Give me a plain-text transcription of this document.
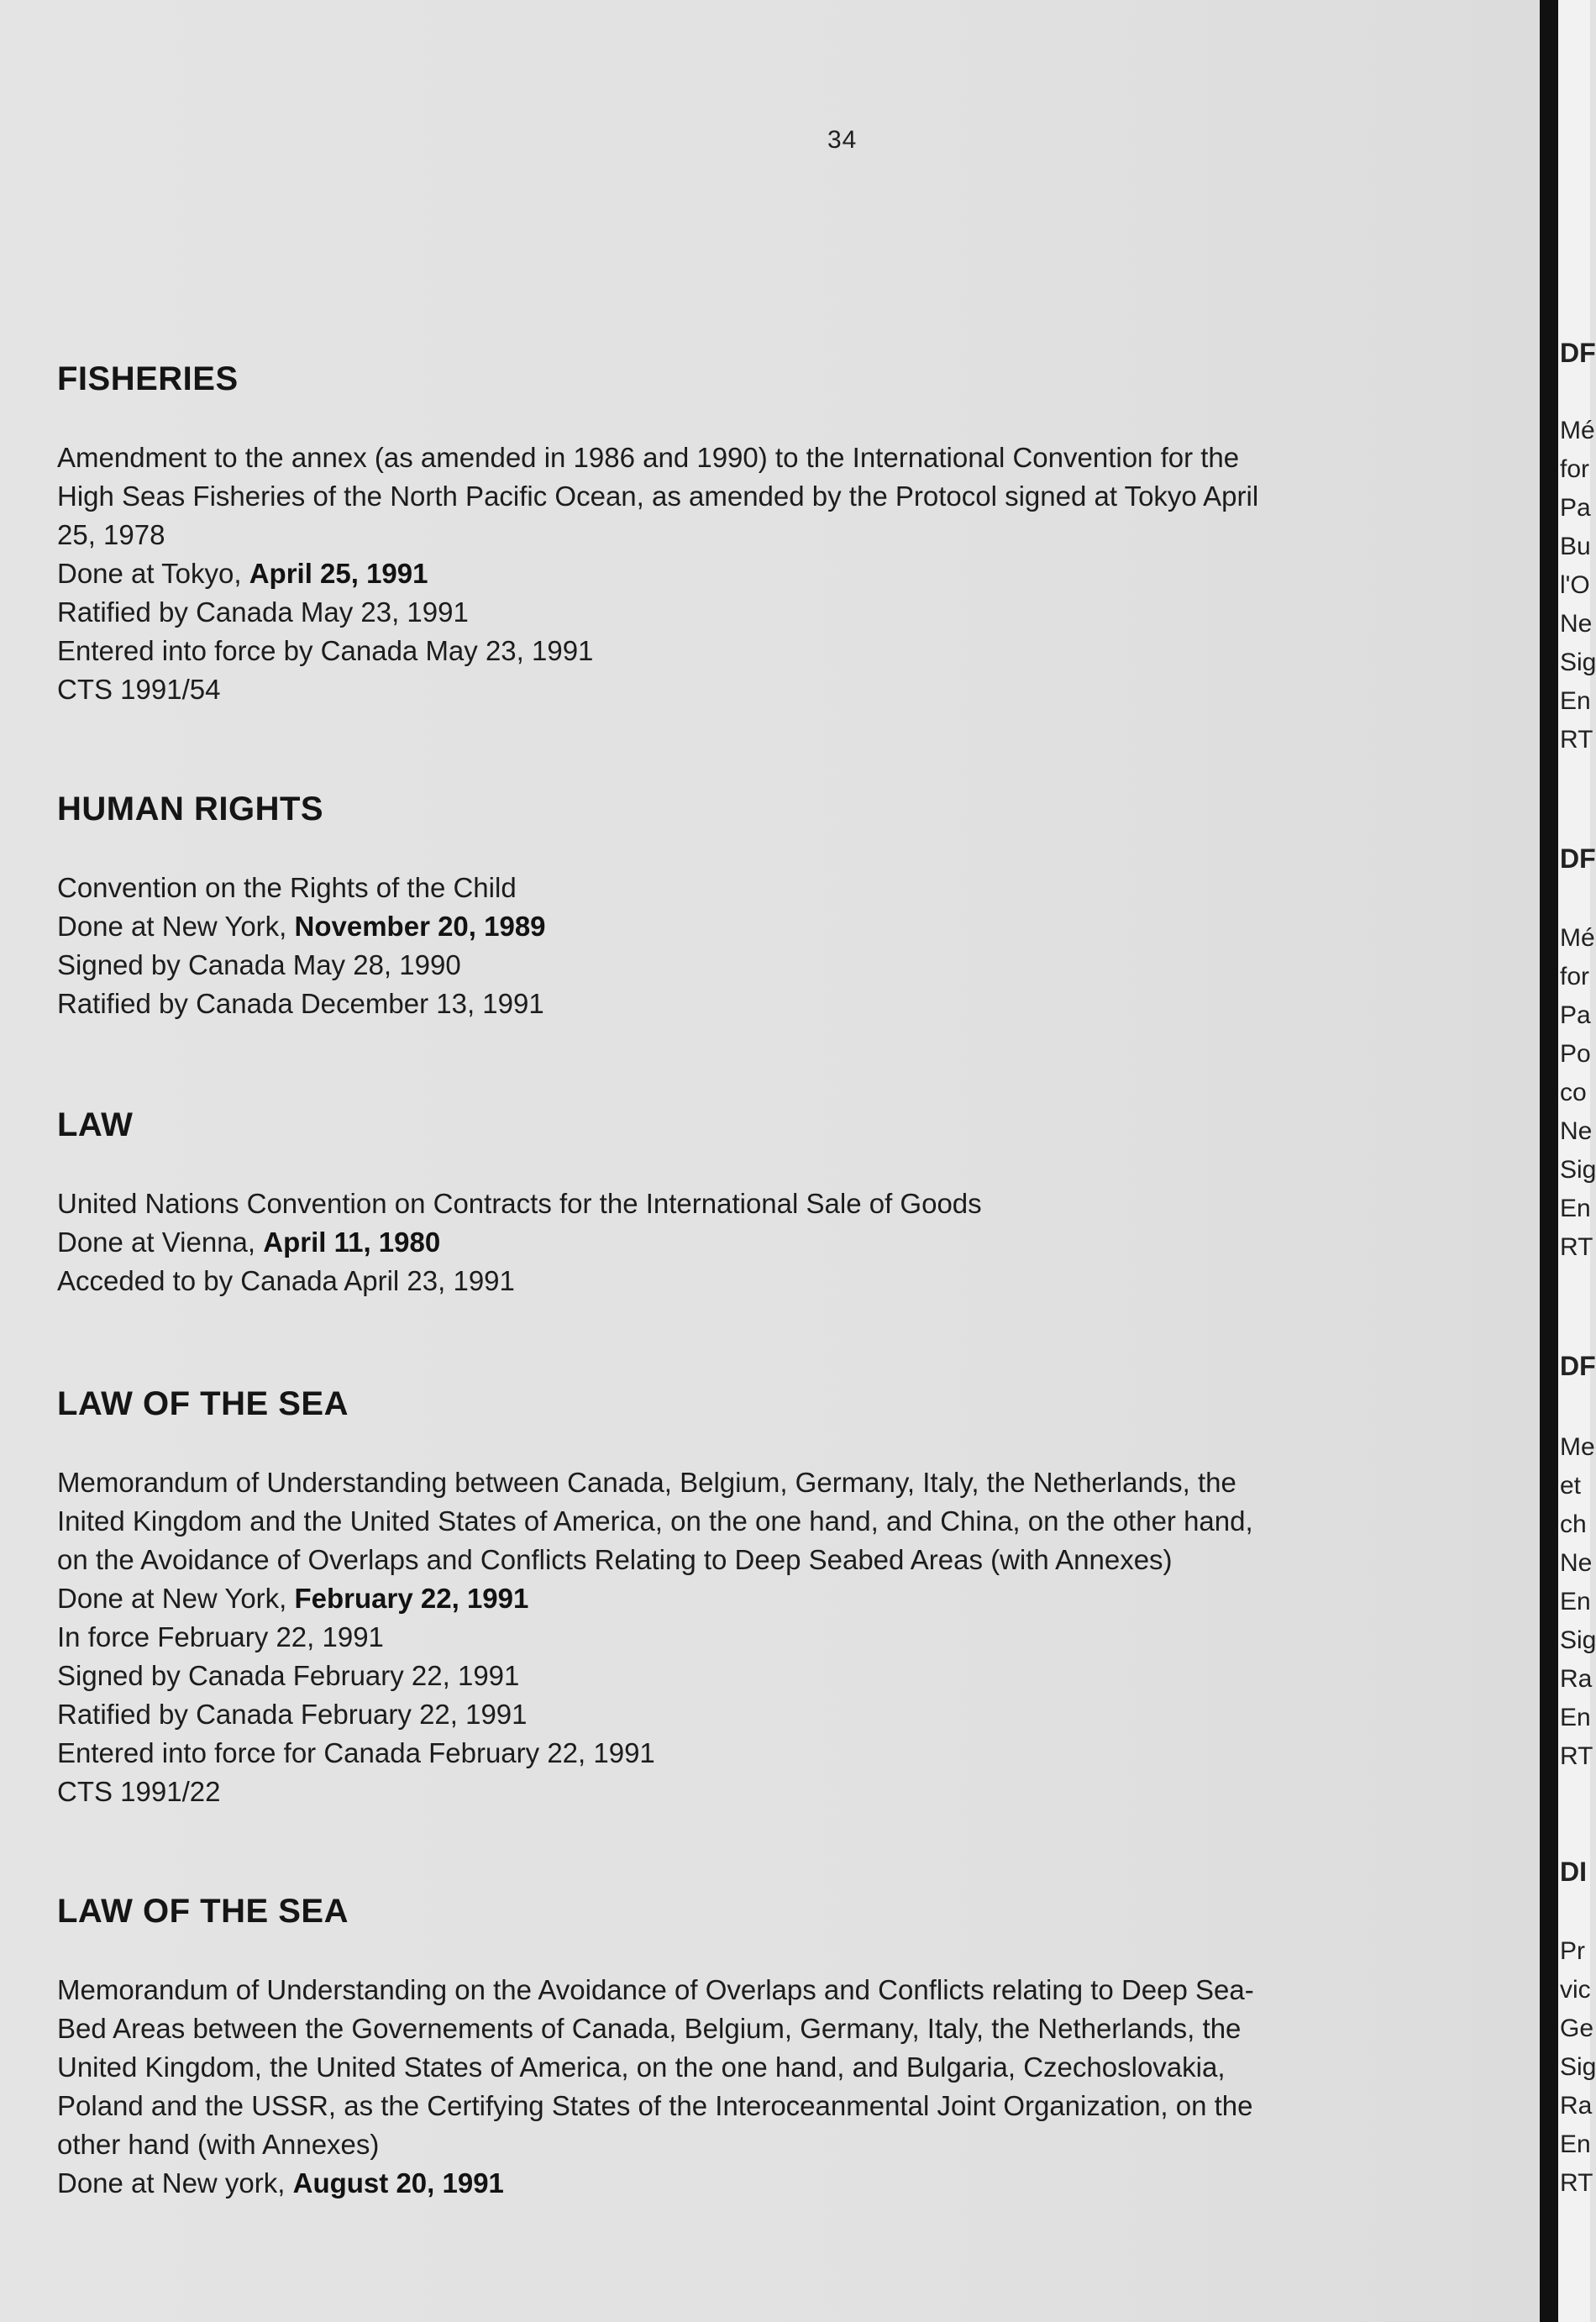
34
FISHERIES

Amendment to the annex (as amended in 1986 and 1990) to the International Convention for the

High Seas Fisheries of the North Pacific Ocean, as amended by the Protocol signed at Tokyo April

25, 1978

Done at Tokyo, April 25, 1991

Ratified by Canada May 23, 1991

Entered into force by Canada May 23, 1991

CTS 1991/54

HUMAN RIGHTS

Convention on the Rights of the Child

Done at New York, November 20, 1989

Signed by Canada May 28, 1990

Ratified by Canada December 13, 1991

LAW

United Nations Convention on Contracts for the International Sale of Goods

Done at Vienna, April 11, 1980

Acceded to by Canada April 23, 1991

LAW OF THE SEA

Memorandum of Understanding between Canada, Belgium, Germany, Italy, the Netherlands, the

Inited Kingdom and the United States of America, on the one hand, and China, on the other hand,

on the Avoidance of Overlaps and Conflicts Relating to Deep Seabed Areas (with Annexes)

Done at New York, February 22, 1991

In force February 22, 1991

Signed by Canada February 22, 1991

Ratified by Canada February 22, 1991

Entered into force for Canada February 22, 1991

CTS 1991/22

LAW OF THE SEA

Memorandum of Understanding on the Avoidance of Overlaps and Conflicts relating to Deep Sea-

Bed Areas between the Governements of Canada, Belgium, Germany, Italy, the Netherlands, the

United Kingdom, the United States of America, on the one hand, and Bulgaria, Czechoslovakia,

Poland and the USSR, as the Certifying States of the Interoceanmental Joint Organization, on the

other hand (with Annexes)

Done at New york, August 20, 1991

DF
Mé
for
Pa
Bu
l'O
Ne
Sig
En
RT
DF
Mé
for
Pa
Po
co
Ne
Sig
En
RT
DF
Me
et
ch
Ne
En
Sig
Ra
En
RT
DI
Pr
vic
Ge
Sig
Ra
En
RT
